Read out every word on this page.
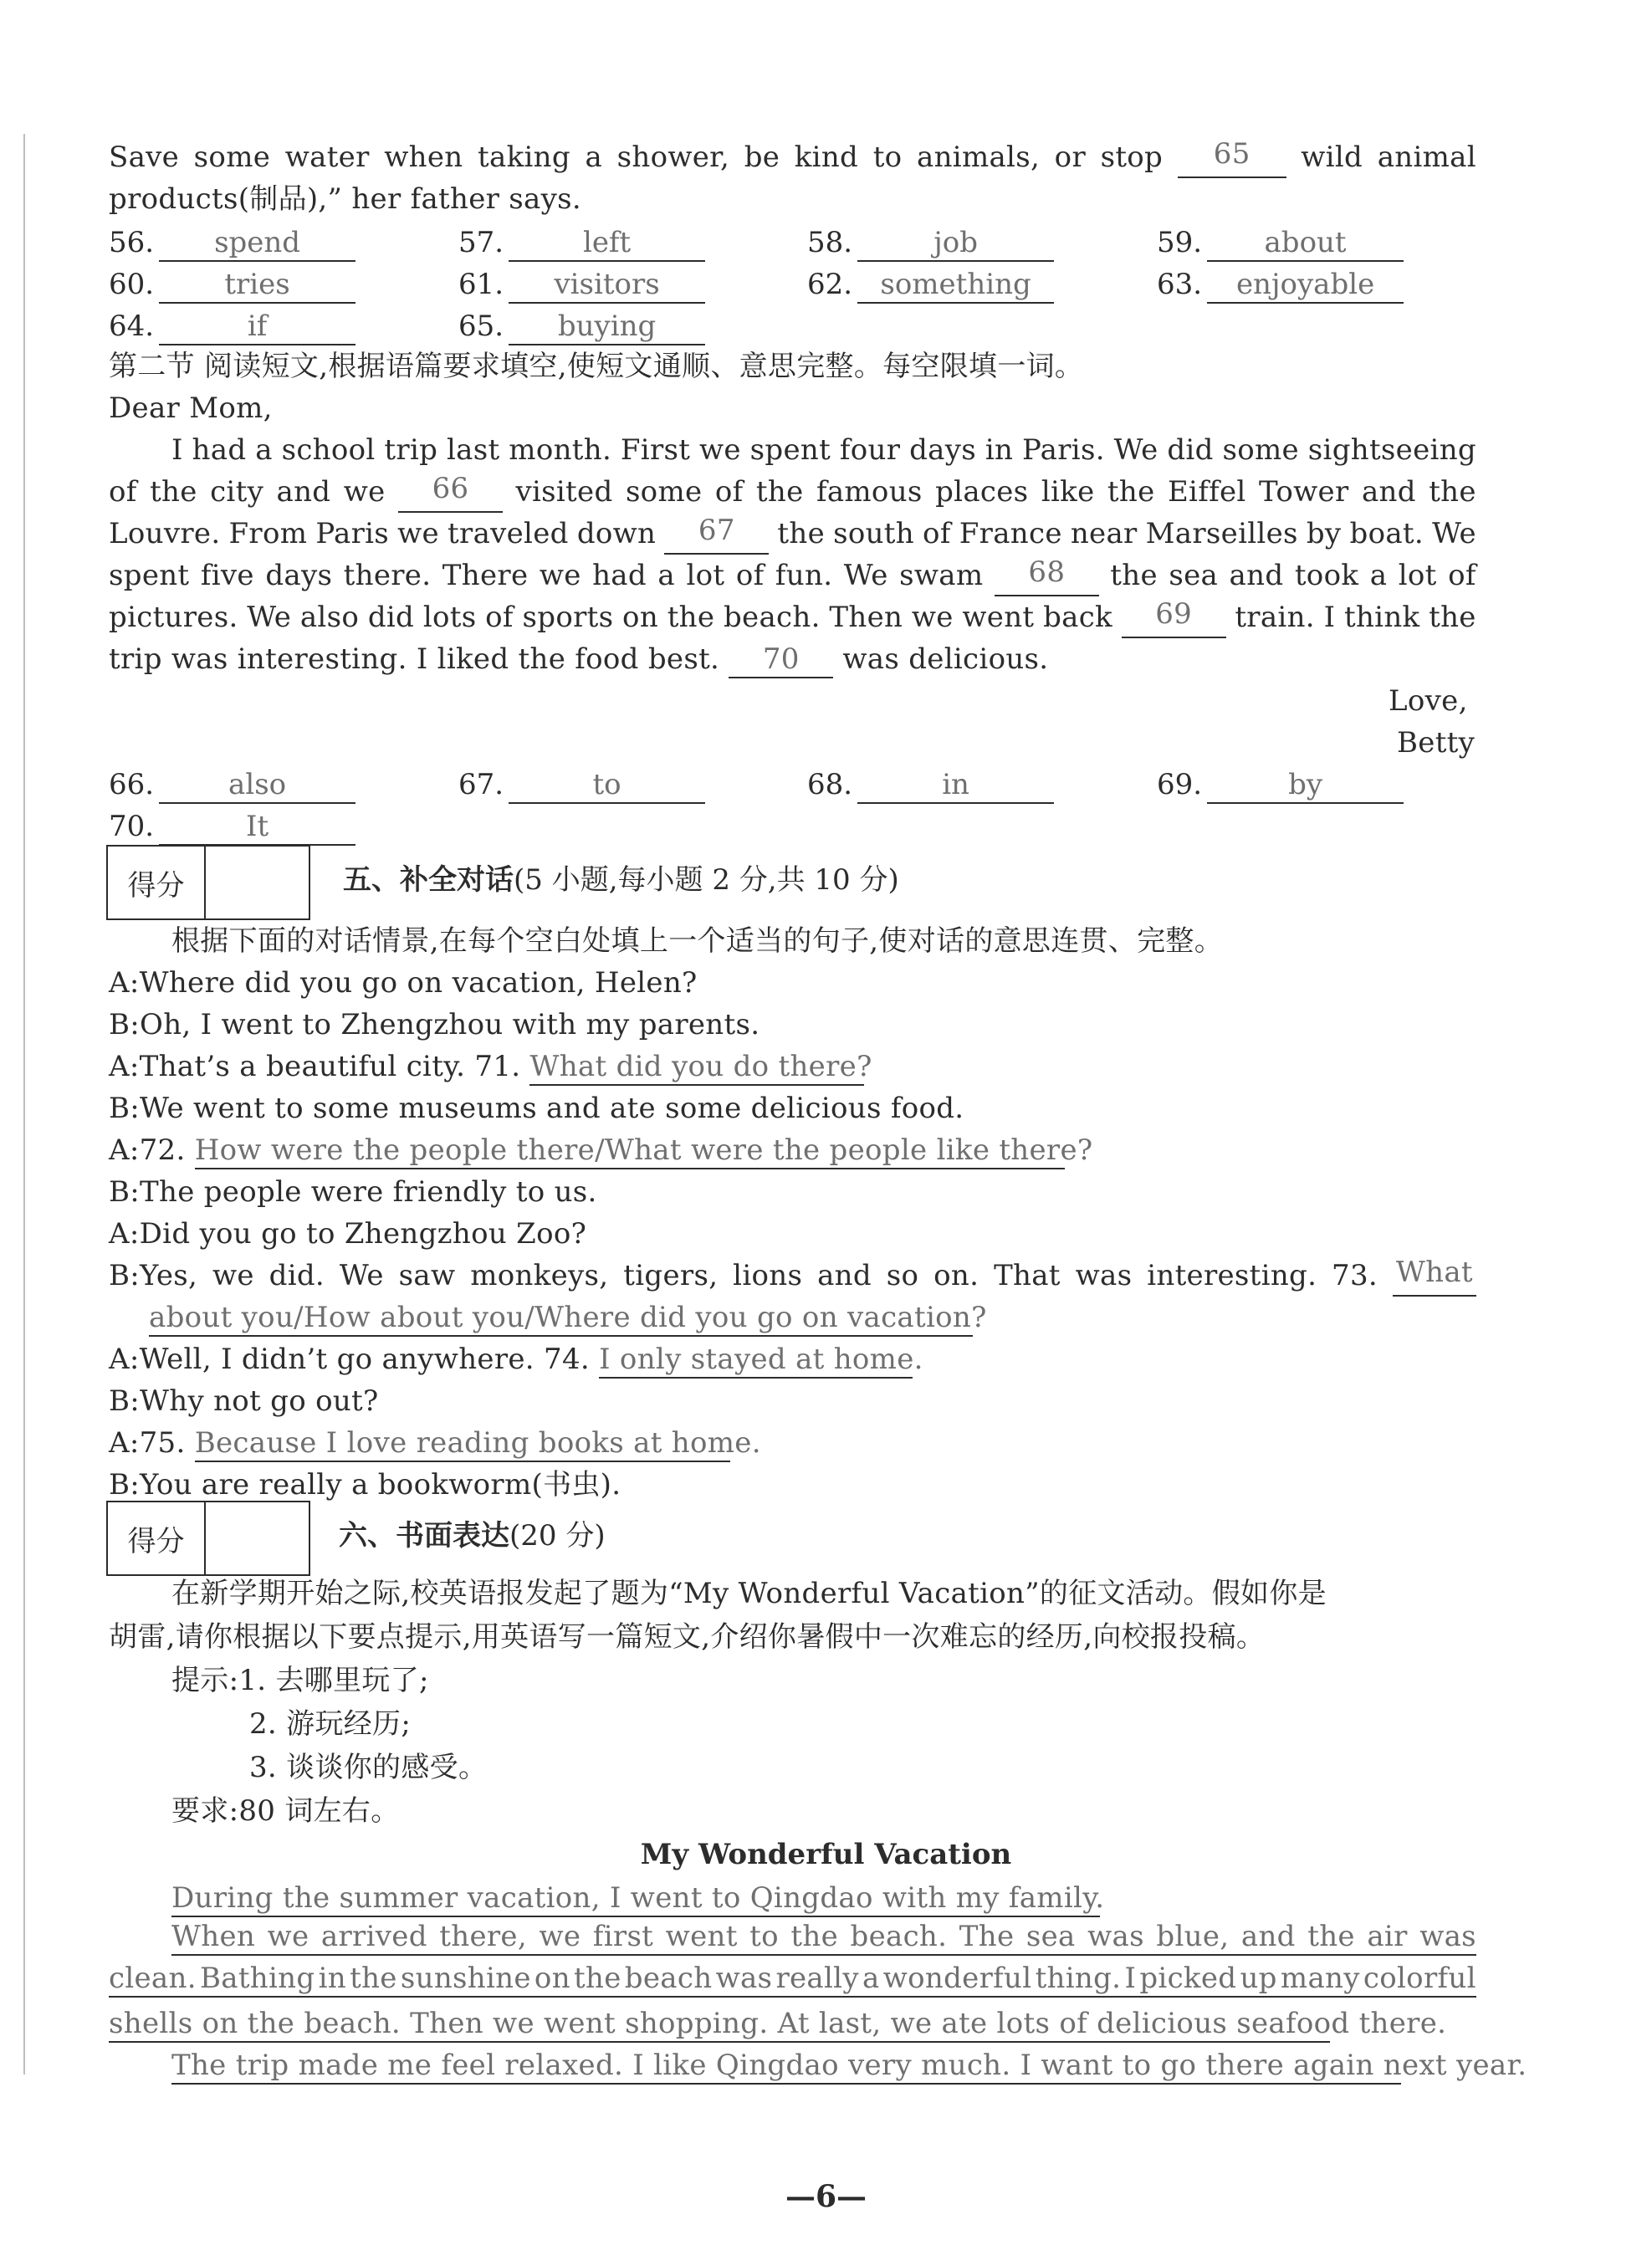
Save some water when taking a shower, be kind to animals, or stop	65	wild animal
products(制品),” her father says.
56. spend	57.	left	58.	job	59. about
60. tries	61. visitors	62. something	63. enjoyable
64.	if	65. buying
第二节 阅读短文,根据语篇要求填空,使短文通顺、意思完整。每空限填一词。
Dear Mom,
I had a school trip last month. First we spent four days in Paris. We did some sightseeing
of the city and we	66	visited some of the famous places like the Eiffel Tower and the
Louvre. From Paris we traveled down	67	the south of France near Marseilles by boat. We
spent five days there. There we had a lot of fun. We swam	68	the sea and took a lot of
pictures. We also did lots of sports on the beach. Then we went back	69	train. I think the
trip was interesting. I liked the food best. 70 was delicious.
Love,
Betty
66.	also	67.	to	68.	in	69.	by
70.	It
得分	五、补全对话(5 小题,每小题 2 分,共 10 分)
根据下面的对话情景,在每个空白处填上一个适当的句子,使对话的意思连贯、完整。
A:Where did you go on vacation, Helen?
B:Oh, I went to Zhengzhou with my parents.
A:That’s a beautiful city. 71. What did you do there?
B:We went to some museums and ate some delicious food.
A:72. How were the people there/What were the people like there?
B:The people were friendly to us.
A:Did you go to Zhengzhou Zoo?
B:Yes, we did. We saw monkeys, tigers, lions and so on. That was interesting. 73. What
about you/How about you/Where did you go on vacation?
A:Well, I didn’t go anywhere. 74. I only stayed at home.
B:Why not go out?
A:75. Because I love reading books at home.
B:You are really a bookworm(书虫).
得分	六、书面表达(20 分)
在新学期开始之际,校英语报发起了题为“My Wonderful Vacation”的征文活动。假如你是
胡雷,请你根据以下要点提示,用英语写一篇短文,介绍你暑假中一次难忘的经历,向校报投稿。
提示:1. 去哪里玩了;
2. 游玩经历;
3. 谈谈你的感受。
要求:80 词左右。
My Wonderful Vacation
During the summer vacation, I went to Qingdao with my family.
When we arrived there, we first went to the beach. The sea was blue, and the air was
clean. Bathing in the sunshine on the beach was really a wonderful thing. I picked up many colorful
shells on the beach. Then we went shopping. At last, we ate lots of delicious seafood there.
The trip made me feel relaxed. I like Qingdao very much. I want to go there again next year.
—6—
